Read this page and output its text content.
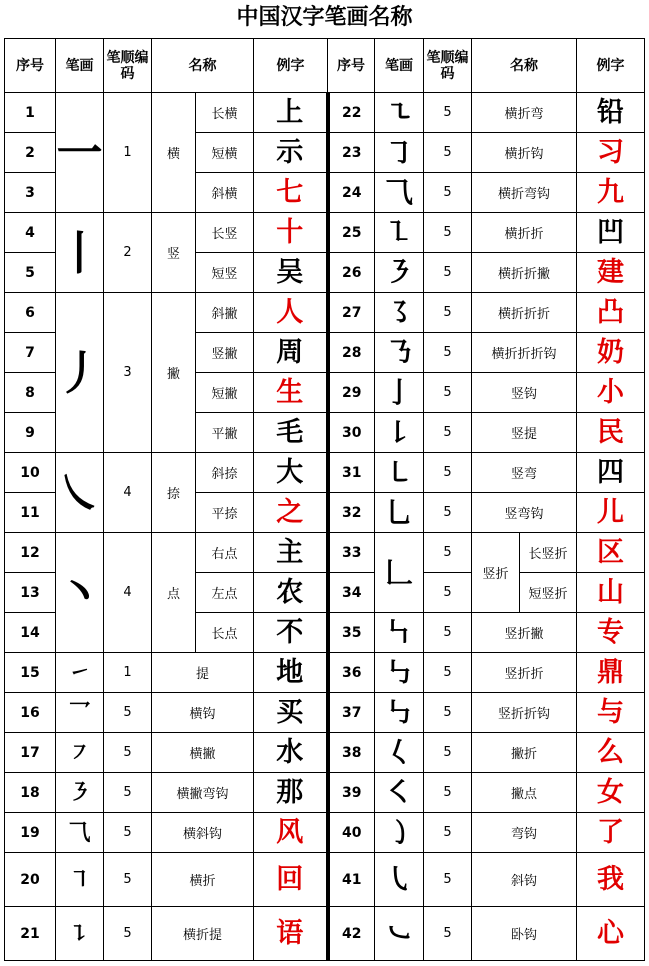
中国汉字笔画名称
序号	笔画	笔顺编码	名称		例字	序号	笔画	笔顺编码	名称		例字
1	一	1	横	长横	上	22	㇍	5	横折弯		铅
2				短横	示	23	㇆	5	横折钩		习
3				斜横	七	24	⺄	5	横折弯钩		九
4	丨	2	竖	长竖	十	25	㇅	5	横折折		凹
5				短竖	吴	26	㇋	5	横折折撇		建
6	丿	3	撇	斜撇	人	27	㇌	5	横折折折		凸
7				竖撇	周	28	㇡	5	横折折折钩		奶
8				短撇	生	29	亅	5	竖钩		小
9				平撇	毛	30	㇙	5	竖提		民
10	㇏	4	捺	斜捺	大	31	㇄	5	竖弯		四
11				平捺	之	32	乚	5	竖弯钩		儿
12	丶	4	点	右点	主	33	𠃊	5	竖折	长竖折	区
13				左点	农	34		5		短竖折	山
14				长点	不	35	㇞	5	竖折撇		专
15	㇀	1	提		地	36	㇉	5	竖折折		鼎
16	乛	5	横钩		买	37	㇉	5	竖折折钩		与
17	㇇	5	横撇		水	38	𡿨	5	撇折		么
18	㇋	5	横撇弯钩		那	39	㇛	5	撇点		女
19	⺄	5	横斜钩		风	40	㇁	5	弯钩		了
20	㇕	5	横折		回	41	㇂	5	斜钩		我
21	㇊	5	横折提		语	42	㇃	5	卧钩		心
